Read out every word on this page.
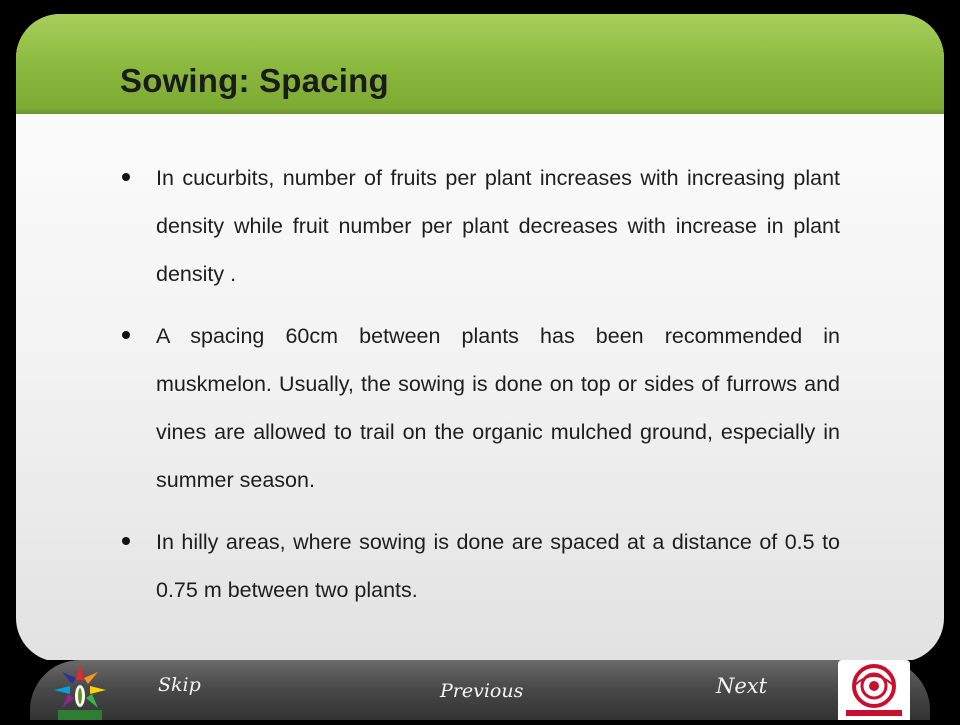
Sowing: Spacing
In cucurbits, number of fruits per plant increases with increasing plant density while fruit number per plant decreases with increase in plant density .
A spacing 60cm between plants has been recommended in muskmelon. Usually, the sowing is done on top or sides of furrows and vines are allowed to trail on the organic mulched ground, especially in summer season.
In hilly areas, where sowing is done are spaced at a distance of 0.5 to 0.75 m between two plants.
Skip	Previous	Next
